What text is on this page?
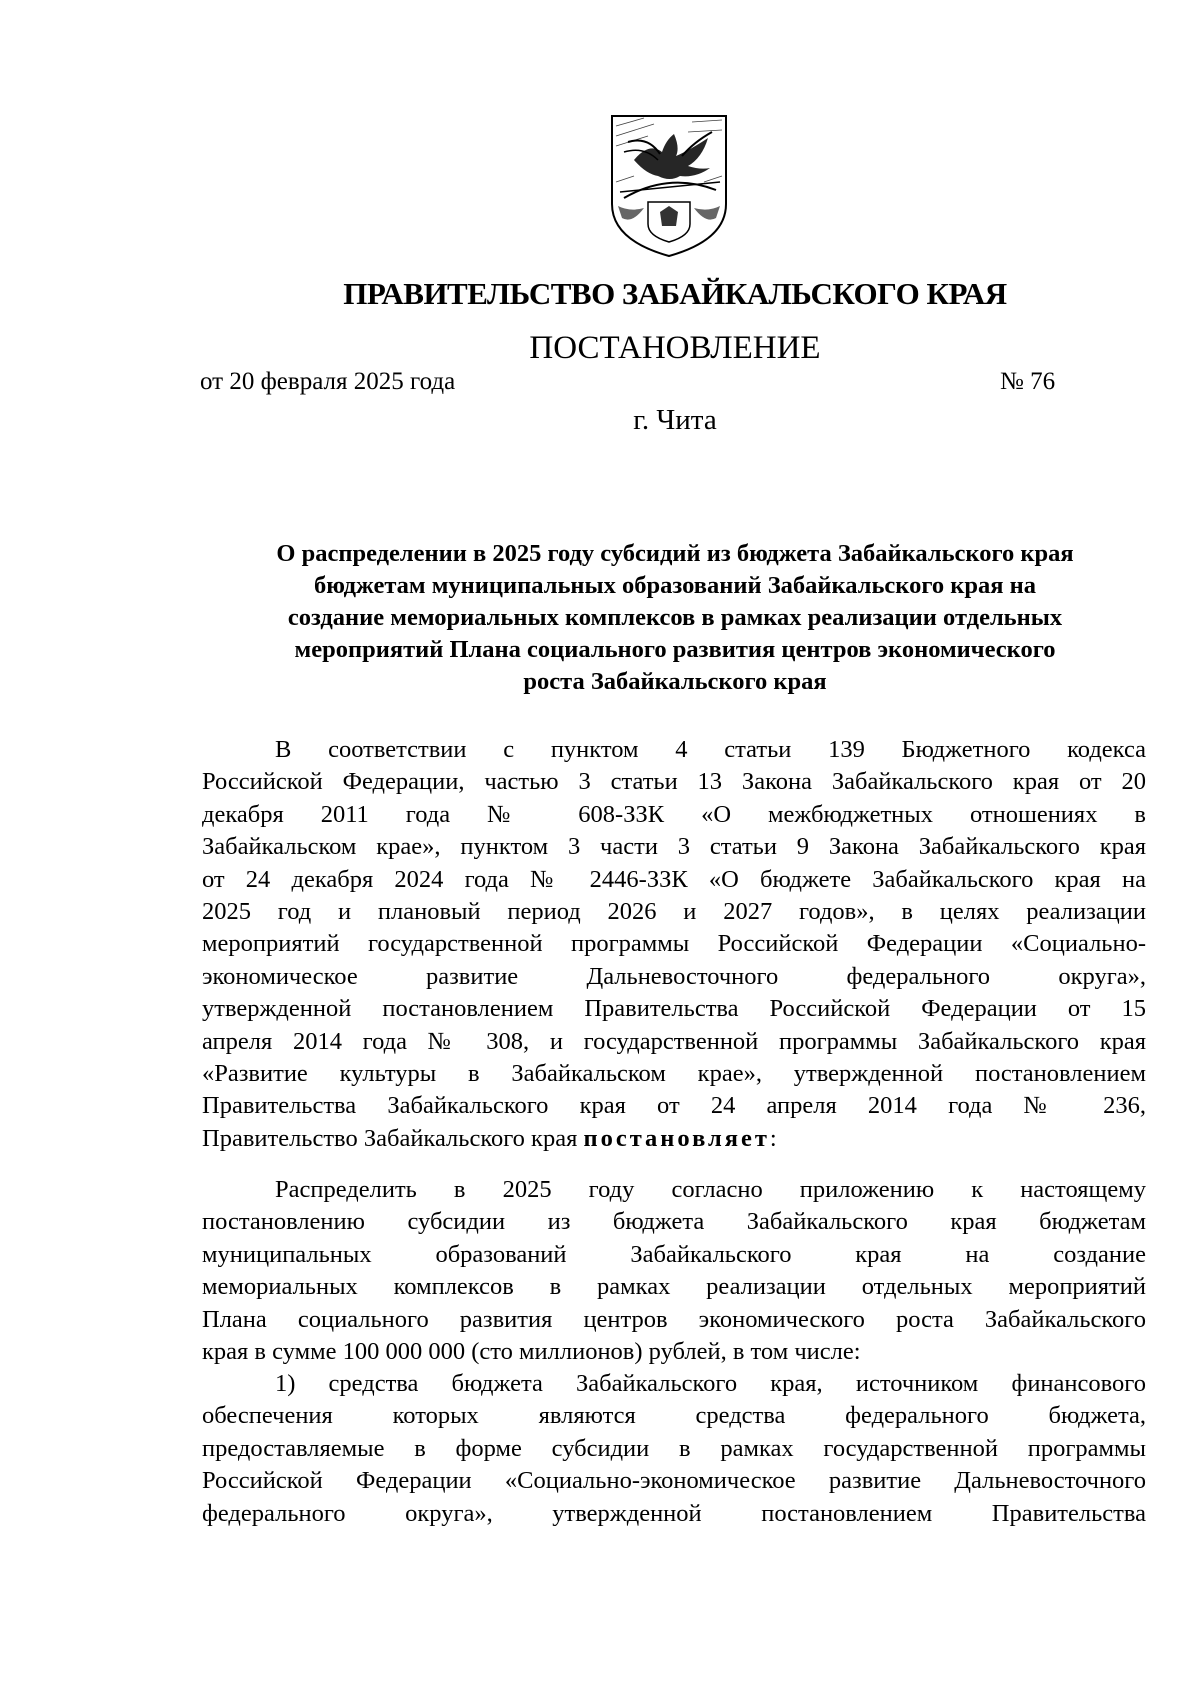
ПРАВИТЕЛЬСТВО ЗАБАЙКАЛЬСКОГО КРАЯ
ПОСТАНОВЛЕНИЕ
от 20 февраля 2025 года	№ 76
г. Чита
О распределении в 2025 году субсидий из бюджета Забайкальского края
бюджетам муниципальных образований Забайкальского края на
создание мемориальных комплексов в рамках реализации отдельных
мероприятий Плана социального развития центров экономического
роста Забайкальского края
В соответствии с пунктом 4 статьи 139 Бюджетного кодекса
Российской Федерации, частью 3 статьи 13 Закона Забайкальского края от 20
декабря 2011 года № 608-ЗЗК «О межбюджетных отношениях в
Забайкальском крае», пунктом 3 части 3 статьи 9 Закона Забайкальского края
от 24 декабря 2024 года № 2446-ЗЗК «О бюджете Забайкальского края на
2025 год и плановый период 2026 и 2027 годов», в целях реализации
мероприятий государственной программы Российской Федерации «Социально-
экономическое развитие Дальневосточного федерального округа»,
утвержденной постановлением Правительства Российской Федерации от 15
апреля 2014 года № 308, и государственной программы Забайкальского края
«Развитие культуры в Забайкальском крае», утвержденной постановлением
Правительства Забайкальского края от 24 апреля 2014 года № 236,
Правительство Забайкальского края постановляет:
Распределить в 2025 году согласно приложению к настоящему
постановлению субсидии из бюджета Забайкальского края бюджетам
муниципальных образований Забайкальского края на создание
мемориальных комплексов в рамках реализации отдельных мероприятий
Плана социального развития центров экономического роста Забайкальского
края в сумме 100 000 000 (сто миллионов) рублей, в том числе:
1) средства бюджета Забайкальского края, источником финансового
обеспечения которых являются средства федерального бюджета,
предоставляемые в форме субсидии в рамках государственной программы
Российской Федерации «Социально-экономическое развитие Дальневосточного
федерального округа», утвержденной постановлением Правительства
